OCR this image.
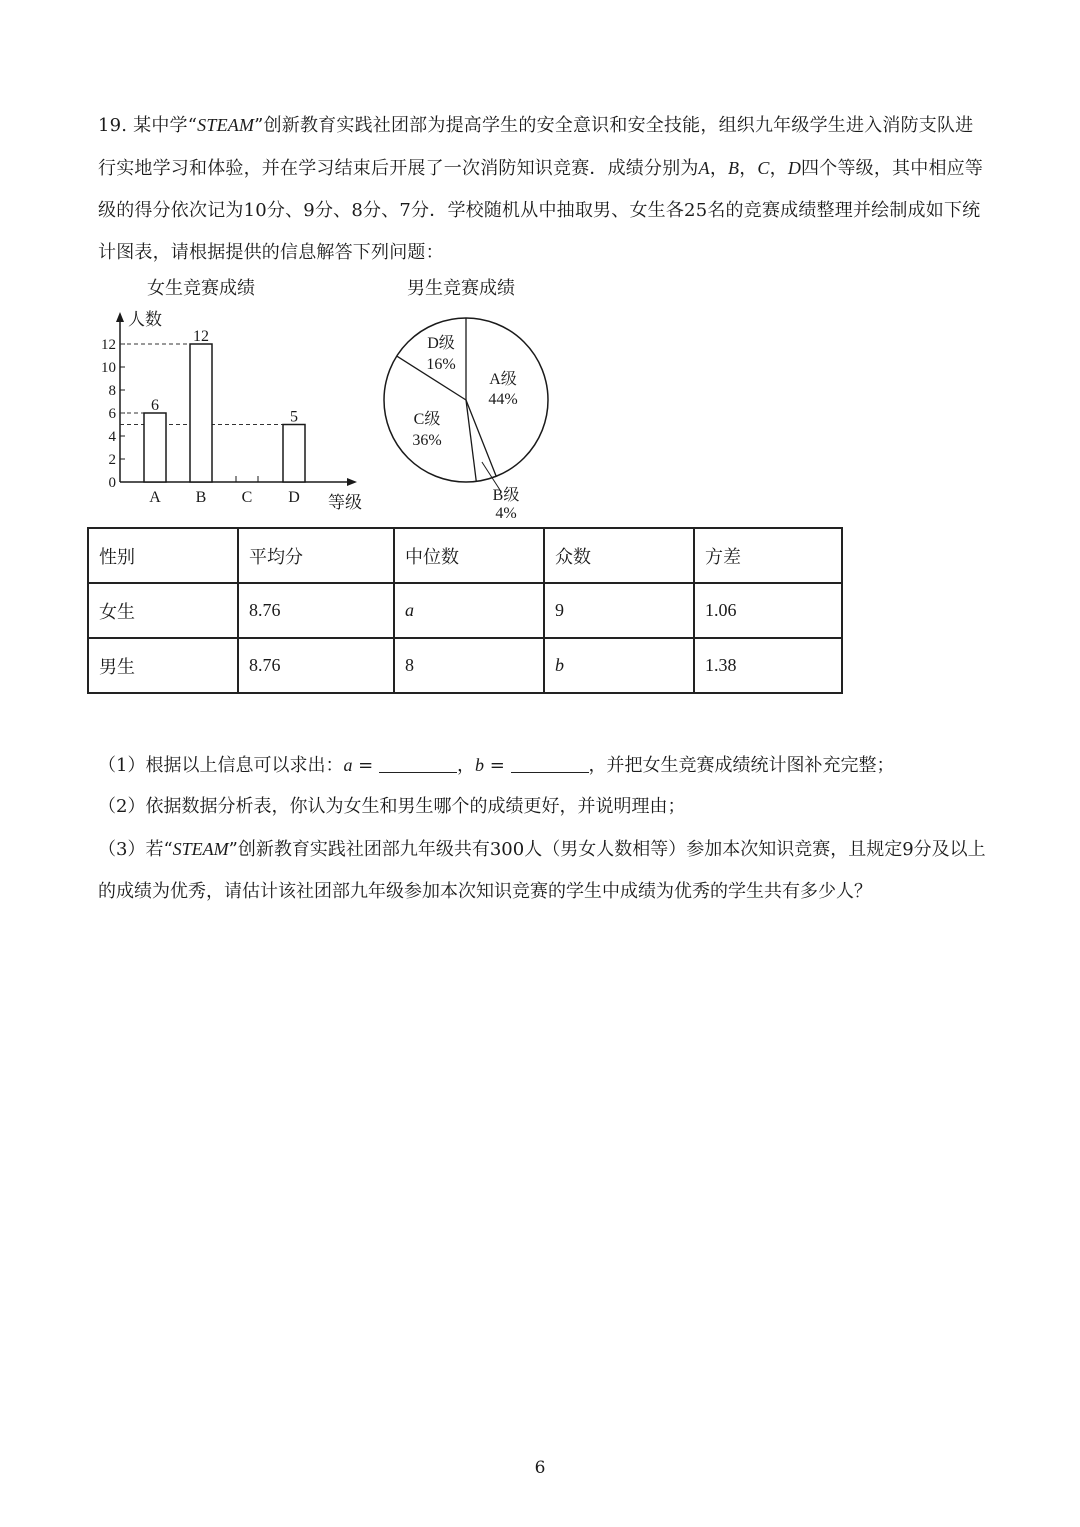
19. 某中学“STEAM”创新教育实践社团部为提高学生的安全意识和安全技能，组织九年级学生进入消防支队进行实地学习和体验，并在学习结束后开展了一次消防知识竞赛．成绩分别为A，B，C，D四个等级，其中相应等级的得分依次记为10分、9分、8分、7分．学校随机从中抽取男、女生各25名的竞赛成绩整理并绘制成如下统计图表，请根据提供的信息解答下列问题：
女生竞赛成绩
人数
等级
0
2
4
6
8
10
12
6
A
12
B C
5
D
男生竞赛成绩
A级
44%
C级
36%
D级
16%
B级
4%
性别	平均分	中位数	众数	方差
女生	8.76	a	9	1.06
男生	8.76	8	b	1.38
（1）根据以上信息可以求出：a =	，b =	，并把女生竞赛成绩统计图补充完整；
（2）依据数据分析表，你认为女生和男生哪个的成绩更好，并说明理由；
（3）若“STEAM”创新教育实践社团部九年级共有300人（男女人数相等）参加本次知识竞赛，且规定9分及以上的成绩为优秀，请估计该社团部九年级参加本次知识竞赛的学生中成绩为优秀的学生共有多少人？
6
